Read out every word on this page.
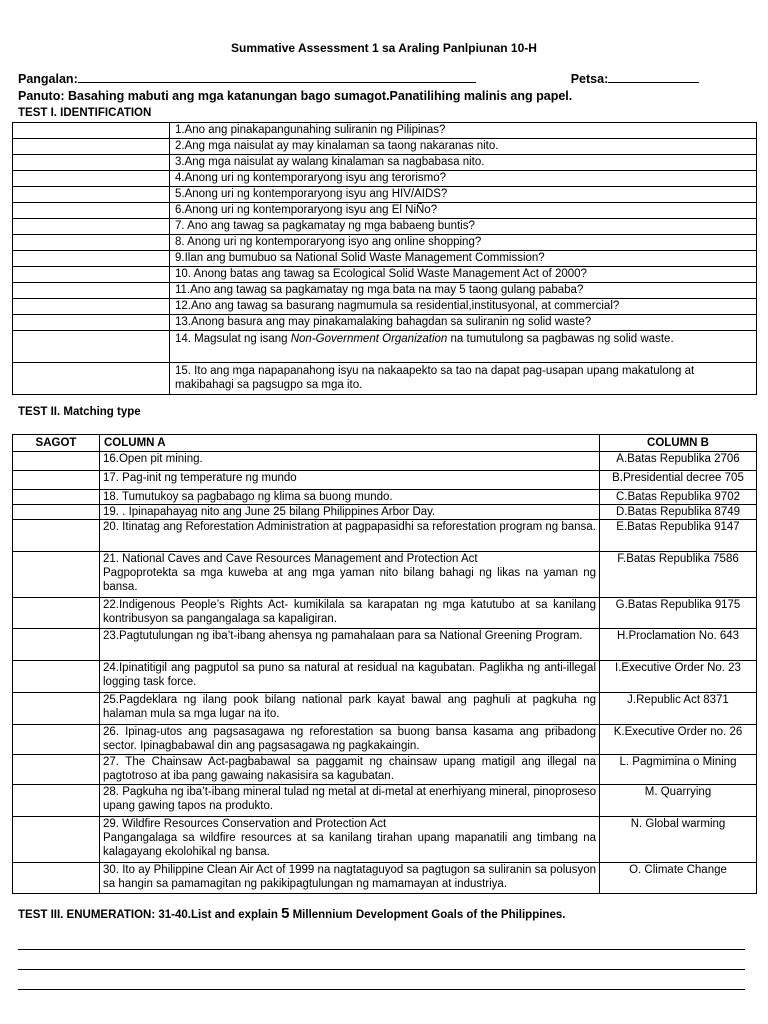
Summative Assessment 1 sa Araling Panlpiunan 10-H
Pangalan:	Petsa:
Panuto: Basahing mabuti ang mga katanungan bago sumagot.Panatilihing malinis ang papel.
TEST I. IDENTIFICATION
	1.Ano ang pinakapangunahing suliranin ng Pilipinas?
	2.Ang mga naisulat ay may kinalaman sa taong nakaranas nito.
	3.Ang mga naisulat ay walang kinalaman sa nagbabasa nito.
	4.Anong uri ng kontemporaryong isyu ang terorismo?
	5.Anong uri ng kontemporaryong isyu ang HIV/AIDS?
	6.Anong uri ng kontemporaryong isyu ang El NiÑo?
	7. Ano ang tawag sa pagkamatay ng mga babaeng buntis?
	8. Anong uri ng kontemporaryong isyo ang online shopping?
	9.Ilan ang bumubuo sa National Solid Waste Management Commission?
	10. Anong batas ang tawag sa Ecological Solid Waste Management Act of 2000?
	11.Ano ang tawag sa pagkamatay ng mga bata na may 5 taong gulang pababa?
	12.Ano ang tawag sa basurang nagmumula sa residential,institusyonal, at commercial?
	13.Anong basura ang may pinakamalaking bahagdan sa suliranin ng solid waste?
	14. Magsulat ng isang Non-Government Organization na tumutulong sa pagbawas ng solid waste.
	15. Ito ang mga napapanahong isyu na nakaapekto sa tao na dapat pag-usapan upang makatulong at makibahagi sa pagsugpo sa mga ito.
TEST II. Matching type
SAGOT	COLUMN A	COLUMN B

	16.Open pit mining.	A.Batas Republika 2706

	17. Pag-init ng temperature ng mundo	B.Presidential decree 705

	18. Tumutukoy sa pagbabago ng klima sa buong mundo.	C.Batas Republika 9702

	19. . Ipinapahayag nito ang June 25 bilang Philippines Arbor Day.	D.Batas Republika 8749

	20. Itinatag ang Reforestation Administration at pagpapasidhi sa reforestation program ng bansa.	E.Batas Republika 9147

	21. National Caves and Cave Resources Management and Protection Act
Pagpoprotekta sa mga kuweba at ang mga yaman nito bilang bahagi ng likas na yaman ng bansa.	F.Batas Republika 7586

	22.Indigenous People’s Rights Act- kumikilala sa karapatan ng mga katutubo at sa kanilang kontribusyon sa pangangalaga sa kapaligiran.	G.Batas Republika 9175

	23.Pagtutulungan ng iba’t-ibang ahensya ng pamahalaan para sa National Greening Program.	H.Proclamation No. 643

	24.Ipinatitigil ang pagputol sa puno sa natural at residual na kagubatan. Paglikha ng anti-illegal logging task force.	I.Executive Order No. 23

	25.Pagdeklara ng ilang pook bilang national park kayat bawal ang paghuli at pagkuha ng halaman mula sa mga lugar na ito.	J.Republic Act 8371

	26. Ipinag-utos ang pagsasagawa ng reforestation sa buong bansa kasama ang pribadong sector. Ipinagbabawal din ang pagsasagawa ng pagkakaingin.	K.Executive Order no. 26

	27. The Chainsaw Act-pagbabawal sa paggamit ng chainsaw upang matigil ang illegal na pagtotroso at iba pang gawaing nakasisira sa kagubatan.	L. Pagmimina o Mining

	28. Pagkuha ng iba’t-ibang mineral tulad ng metal at di-metal at enerhiyang mineral, pinoproseso upang gawing tapos na produkto.	M. Quarrying

	29. Wildfire Resources Conservation and Protection Act
Pangangalaga sa wildfire resources at sa kanilang tirahan upang mapanatili ang timbang na kalagayang ekolohikal ng bansa.	N. Global warming

	30. Ito ay Philippine Clean Air Act of 1999 na nagtataguyod sa pagtugon sa suliranin sa polusyon sa hangin sa pamamagitan ng pakikipagtulungan ng mamamayan at industriya.	O. Climate Change
TEST III. ENUMERATION: 31-40.List and explain 5 Millennium Development Goals of the Philippines.
